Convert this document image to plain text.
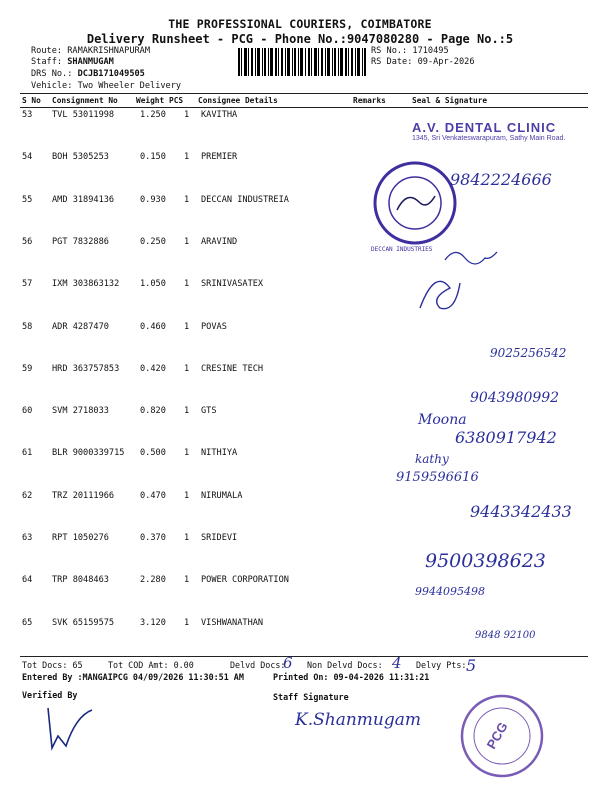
THE PROFESSIONAL COURIERS, COIMBATORE
Delivery Runsheet - PCG - Phone No.:9047080280 - Page No.:5
Route: RAMAKRISHNAPURAM
Staff: SHANMUGAM
DRS No.: DCJB171049505
Vehicle: Two Wheeler Delivery
RS No.: 1710495
RS Date: 09-Apr-2026
S No Consignment No Weight PCS Consignee Details	Remarks	Seal & Signature
53 TVL 53011998	1.250 1 KAVITHA
54 BOH 5305253	0.150 1 PREMIER
55 AMD 31894136	0.930 1 DECCAN INDUSTREIA
56 PGT 7832886	0.250 1 ARAVIND
57 IXM 303863132 1.050 1 SRINIVASATEX
58 ADR 4287470	0.460 1 POVAS
59 HRD 363757853 0.420 1 CRESINE TECH
60 SVM 2718033	0.820 1 GTS
61 BLR 9000339715 0.500 1 NITHIYA
62 TRZ 20111966	0.470 1 NIRUMALA
63 RPT 1050276	0.370 1 SRIDEVI
64 TRP 8048463	2.280 1 POWER CORPORATION
65 SVK 65159575	3.120 1 VISHWANATHAN
A.V. DENTAL CLINIC
1345, Sri Venkateswarapuram, Sathy Main Road.
DECCAN INDUSTRIES
9842224666
9025256542
9043980992
Moona
6380917942
kathy
9159596616
9443342433
9500398623
9944095498
9848 92100
Tot Docs: 65	Tot COD Amt: 0.00	Delvd Docs:
6 Non Delvd Docs: 4 Delvy Pts: 5
Entered By :MANGAIPCG 04/09/2026 11:30:51 AM	Printed On: 09-04-2026 11:31:21
Verified By	Staff Signature
K.Shanmugam	PCG
